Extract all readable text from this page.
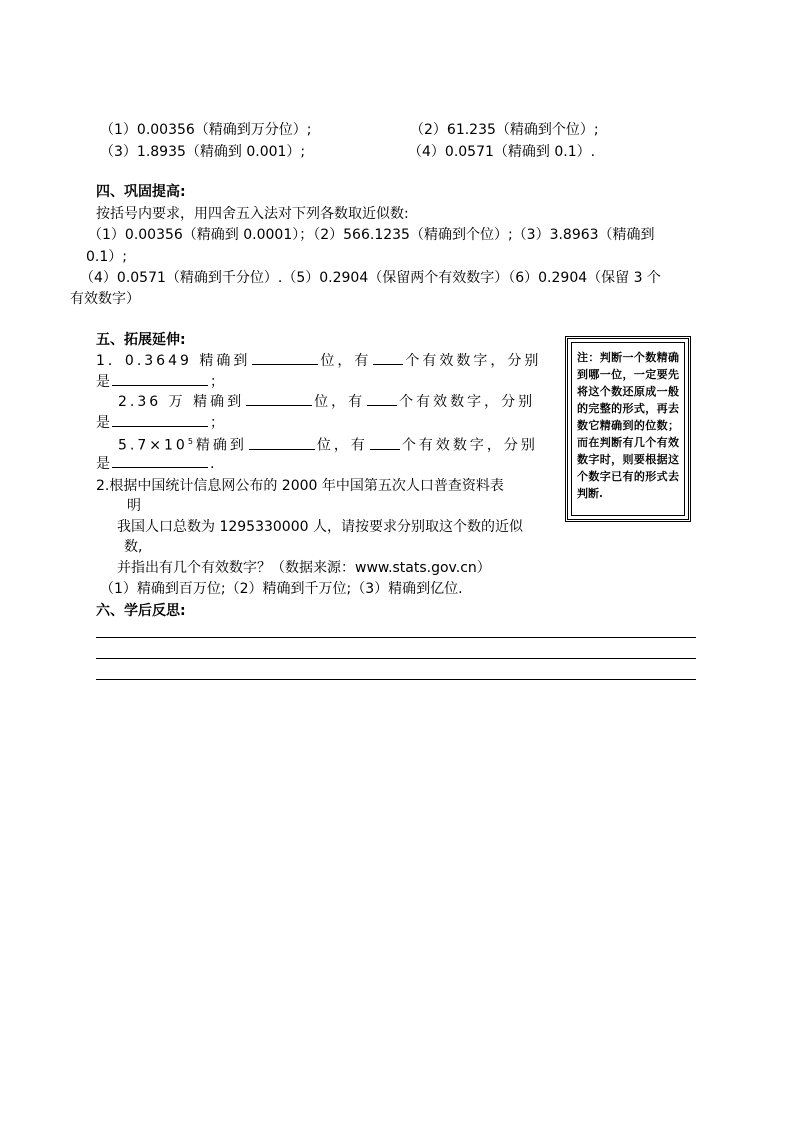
（1）0.00356（精确到万分位）;	（2）61.235（精确到个位）;
（3）1.8935（精确到 0.001）;	（4）0.0571（精确到 0.1）.
四、巩固提高:
按括号内要求，用四舍五入法对下列各数取近似数:
（1）0.00356（精确到 0.0001）；（2）566.1235（精确到个位）;（3）3.8963（精确到
0.1）;
（4）0.0571（精确到千分位）.（5）0.2904（保留两个有效数字）（6）0.2904（保留 3 个
有效数字）
五、拓展延伸:
1．0.3649 精确到	位，有 个有效数字，分别
是	；
2.36 万 精确到	位，有 个有效数字，分别
是	；
$5.7\times 10^5$精确到	位，有 个有效数字，分别
是	.
2.根据中国统计信息网公布的 2000 年中国第五次人口普查资料表
明
我国人口总数为 1295330000 人，请按要求分别取这个数的近似
数,
并指出有几个有效数字？（数据来源：www.stats.gov.cn）
（1）精确到百万位;（2）精确到千万位;（3）精确到亿位.
注：判断一个数精确到哪一位，一定要先将这个数还原成一般的完整的形式，再去数它精确到的位数；而在判断有几个有效数字时，则要根据这个数字已有的形式去判断.
六、学后反思:
